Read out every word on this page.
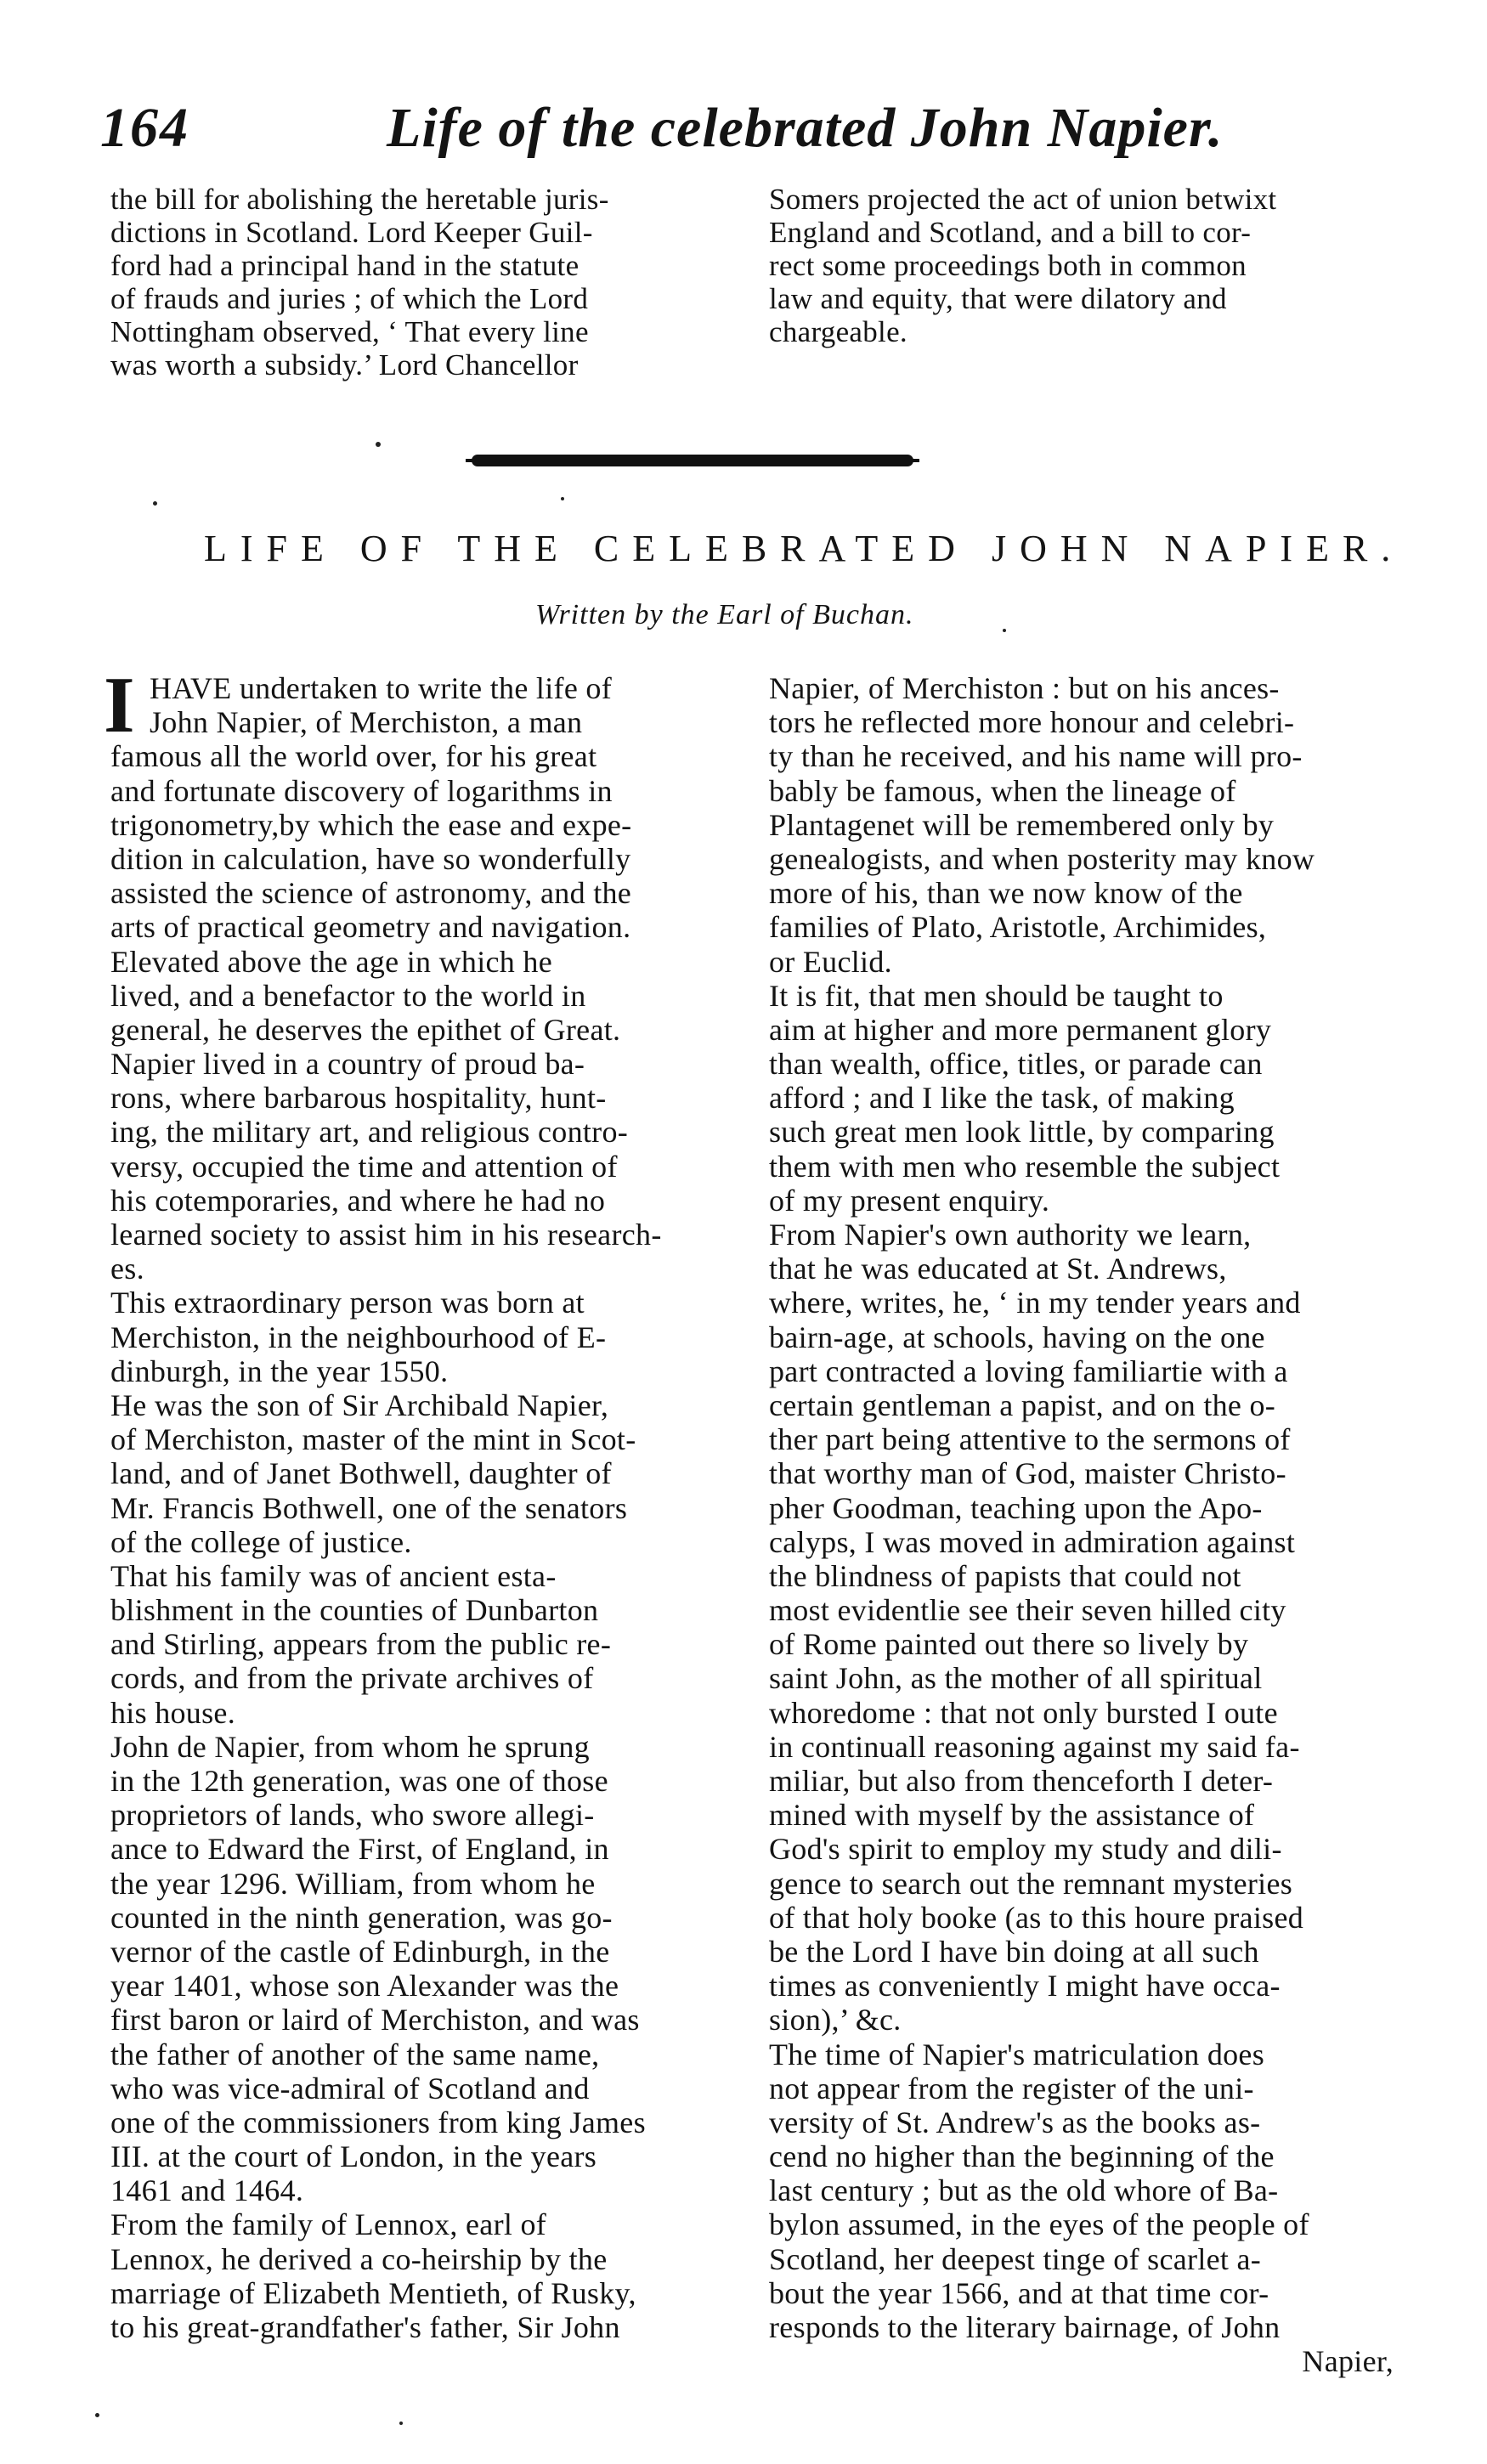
164	Life of the celebrated John Napier.
the bill for abolishing the heretable juris-
dictions in Scotland. Lord Keeper Guil-
ford had a principal hand in the statute
of frauds and juries ; of which the Lord
Nottingham observed, ‘ That every line
was worth a subsidy.’ Lord Chancellor
Somers projected the act of union betwixt
England and Scotland, and a bill to cor-
rect some proceedings both in common
law and equity, that were dilatory and
chargeable.
LIFE OF THE CELEBRATED JOHN NAPIER.
Written by the Earl of Buchan.
I HAVE undertaken to write the life of
John Napier, of Merchiston, a man
famous all the world over, for his great
and fortunate discovery of logarithms in
trigonometry,by which the ease and expe-
dition in calculation, have so wonderfully
assisted the science of astronomy, and the
arts of practical geometry and navigation.
Elevated above the age in which he
lived, and a benefactor to the world in
general, he deserves the epithet of Great.
Napier lived in a country of proud ba-
rons, where barbarous hospitality, hunt-
ing, the military art, and religious contro-
versy, occupied the time and attention of
his cotemporaries, and where he had no
learned society to assist him in his research-
es.
This extraordinary person was born at
Merchiston, in the neighbourhood of E-
dinburgh, in the year 1550.
He was the son of Sir Archibald Napier,
of Merchiston, master of the mint in Scot-
land, and of Janet Bothwell, daughter of
Mr. Francis Bothwell, one of the senators
of the college of justice.
That his family was of ancient esta-
blishment in the counties of Dunbarton
and Stirling, appears from the public re-
cords, and from the private archives of
his house.
John de Napier, from whom he sprung
in the 12th generation, was one of those
proprietors of lands, who swore allegi-
ance to Edward the First, of England, in
the year 1296. William, from whom he
counted in the ninth generation, was go-
vernor of the castle of Edinburgh, in the
year 1401, whose son Alexander was the
first baron or laird of Merchiston, and was
the father of another of the same name,
who was vice-admiral of Scotland and
one of the commissioners from king James
III. at the court of London, in the years
1461 and 1464.
From the family of Lennox, earl of
Lennox, he derived a co-heirship by the
marriage of Elizabeth Mentieth, of Rusky,
to his great-grandfather's father, Sir John
Napier, of Merchiston : but on his ances-
tors he reflected more honour and celebri-
ty than he received, and his name will pro-
bably be famous, when the lineage of
Plantagenet will be remembered only by
genealogists, and when posterity may know
more of his, than we now know of the
families of Plato, Aristotle, Archimides,
or Euclid.
It is fit, that men should be taught to
aim at higher and more permanent glory
than wealth, office, titles, or parade can
afford ; and I like the task, of making
such great men look little, by comparing
them with men who resemble the subject
of my present enquiry.
From Napier's own authority we learn,
that he was educated at St. Andrews,
where, writes, he, ‘ in my tender years and
bairn-age, at schools, having on the one
part contracted a loving familiartie with a
certain gentleman a papist, and on the o-
ther part being attentive to the sermons of
that worthy man of God, maister Christo-
pher Goodman, teaching upon the Apo-
calyps, I was moved in admiration against
the blindness of papists that could not
most evidentlie see their seven hilled city
of Rome painted out there so lively by
saint John, as the mother of all spiritual
whoredome : that not only bursted I oute
in continuall reasoning against my said fa-
miliar, but also from thenceforth I deter-
mined with myself by the assistance of
God's spirit to employ my study and dili-
gence to search out the remnant mysteries
of that holy booke (as to this houre praised
be the Lord I have bin doing at all such
times as conveniently I might have occa-
sion),’ &c.
The time of Napier's matriculation does
not appear from the register of the uni-
versity of St. Andrew's as the books as-
cend no higher than the beginning of the
last century ; but as the old whore of Ba-
bylon assumed, in the eyes of the people of
Scotland, her deepest tinge of scarlet a-
bout the year 1566, and at that time cor-
responds to the literary bairnage, of John
Napier,
